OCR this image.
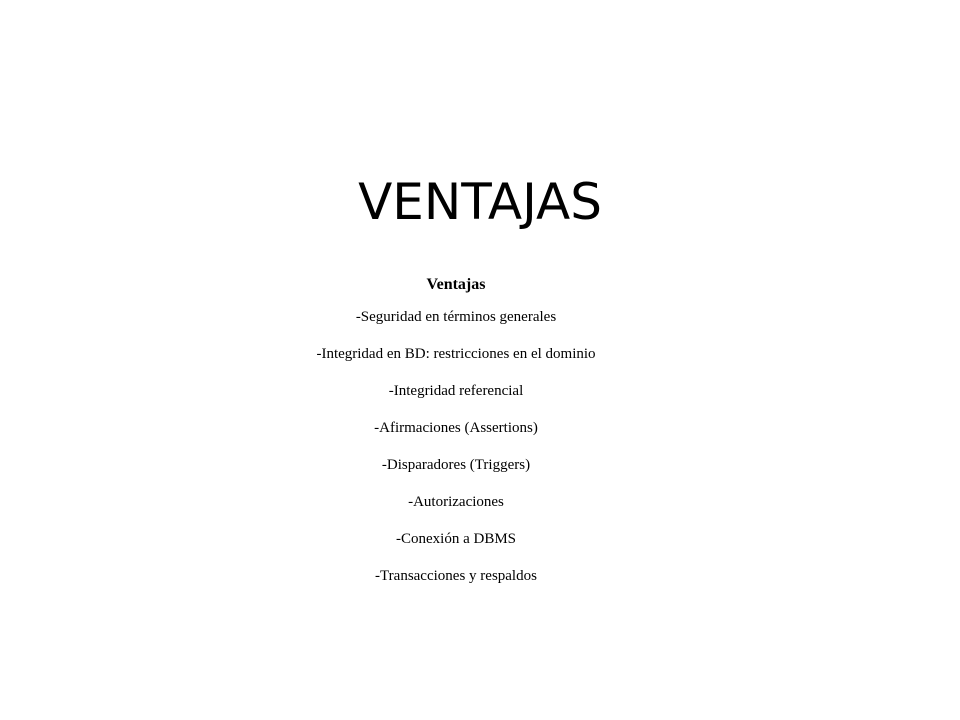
VENTAJAS
Ventajas
-Seguridad en términos generales
-Integridad en BD: restricciones en el dominio
-Integridad referencial
-Afirmaciones (Assertions)
-Disparadores (Triggers)
-Autorizaciones
-Conexión a DBMS
-Transacciones y respaldos
